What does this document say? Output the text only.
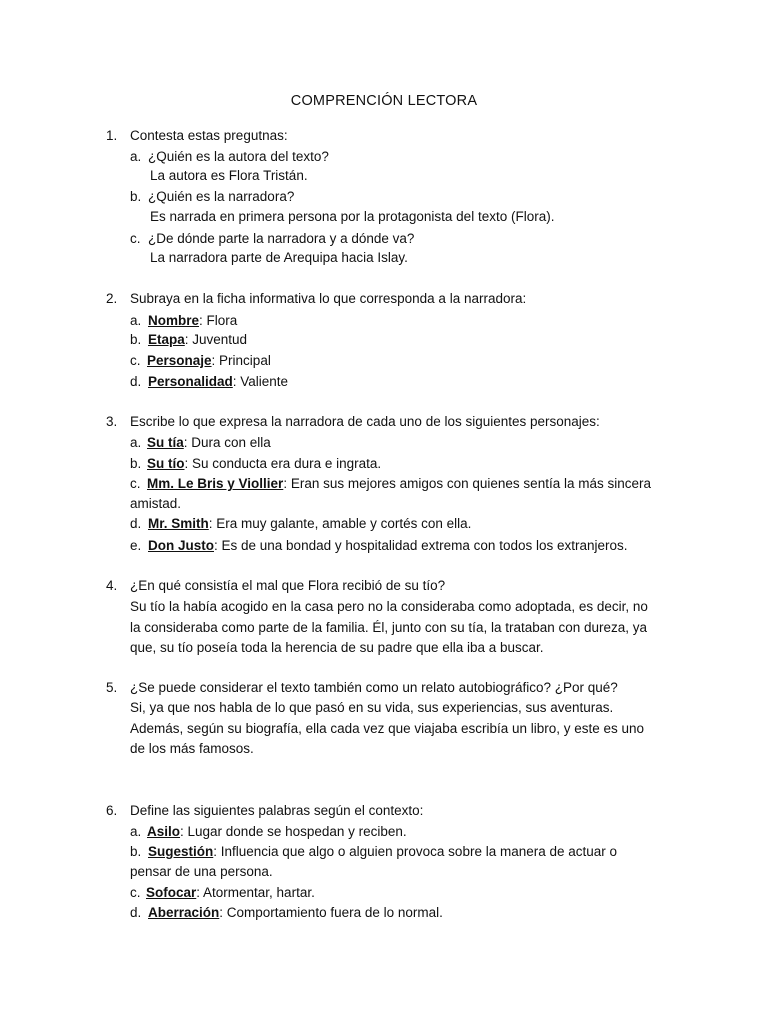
COMPRENCIÓN LECTORA
1. Contesta estas pregutnas:
a. ¿Quién es la autora del texto?
La autora es Flora Tristán.
b. ¿Quién es la narradora?
Es narrada en primera persona por la protagonista del texto (Flora).
c. ¿De dónde parte la narradora y a dónde va?
La narradora parte de Arequipa hacia Islay.
2. Subraya en la ficha informativa lo que corresponda a la narradora:
a. Nombre: Flora
b. Etapa: Juventud
c. Personaje: Principal
d. Personalidad: Valiente
3. Escribe lo que expresa la narradora de cada uno de los siguientes personajes:
a. Su tía: Dura con ella
b. Su tío: Su conducta era dura e ingrata.
c. Mm. Le Bris y Viollier: Eran sus mejores amigos con quienes sentía la más sincera
amistad.
d. Mr. Smith: Era muy galante, amable y cortés con ella.
e. Don Justo: Es de una bondad y hospitalidad extrema con todos los extranjeros.
4. ¿En qué consistía el mal que Flora recibió de su tío?
Su tío la había acogido en la casa pero no la consideraba como adoptada, es decir, no
la consideraba como parte de la familia. Él, junto con su tía, la trataban con dureza, ya
que, su tío poseía toda la herencia de su padre que ella iba a buscar.
5. ¿Se puede considerar el texto también como un relato autobiográfico? ¿Por qué?
Si, ya que nos habla de lo que pasó en su vida, sus experiencias, sus aventuras.
Además, según su biografía, ella cada vez que viajaba escribía un libro, y este es uno
de los más famosos.
6. Define las siguientes palabras según el contexto:
a. Asilo: Lugar donde se hospedan y reciben.
b. Sugestión: Influencia que algo o alguien provoca sobre la manera de actuar o
pensar de una persona.
c. Sofocar: Atormentar, hartar.
d. Aberración: Comportamiento fuera de lo normal.
